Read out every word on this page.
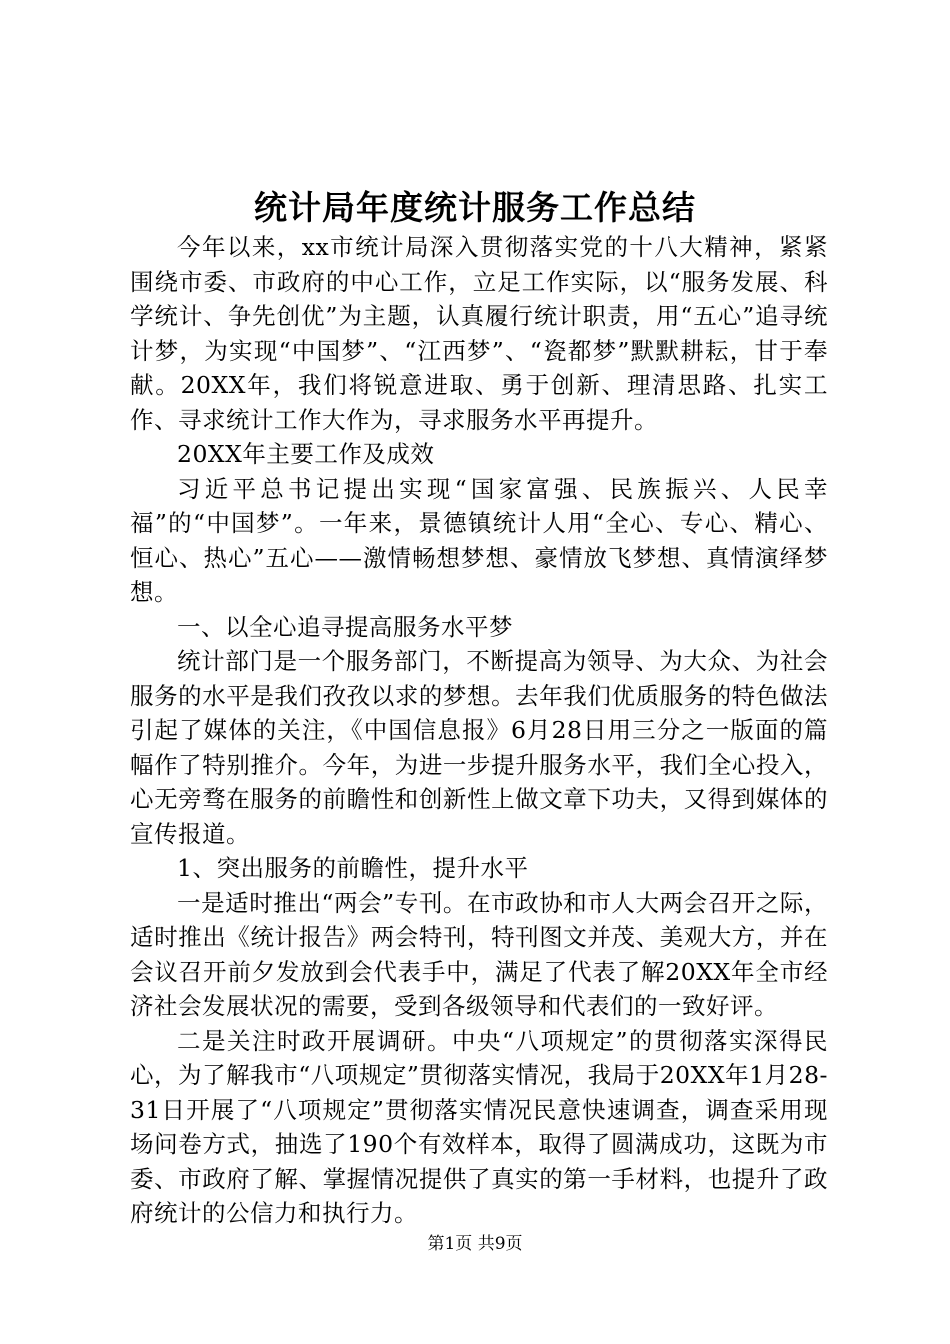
统计局年度统计服务工作总结

今年以来，xx市统计局深入贯彻落实党的十八大精神，紧紧围绕市委、市政府的中心工作，立足工作实际，以“服务发展、科学统计、争先创优”为主题，认真履行统计职责，用“五心”追寻统计梦，为实现“中国梦”、“江西梦”、“瓷都梦”默默耕耘，甘于奉献。20XX年，我们将锐意进取、勇于创新、理清思路、扎实工作、寻求统计工作大作为，寻求服务水平再提升。

20XX年主要工作及成效

习近平总书记提出实现“国家富强、民族振兴、人民幸福”的“中国梦”。一年来，景德镇统计人用“全心、专心、精心、恒心、热心”五心——激情畅想梦想、豪情放飞梦想、真情演绎梦想。

一、以全心追寻提高服务水平梦

统计部门是一个服务部门，不断提高为领导、为大众、为社会服务的水平是我们孜孜以求的梦想。去年我们优质服务的特色做法引起了媒体的关注，《中国信息报》6月28日用三分之一版面的篇幅作了特别推介。今年，为进一步提升服务水平，我们全心投入，心无旁骛在服务的前瞻性和创新性上做文章下功夫，又得到媒体的宣传报道。

1、突出服务的前瞻性，提升水平

一是适时推出“两会”专刊。在市政协和市人大两会召开之际，适时推出《统计报告》两会特刊，特刊图文并茂、美观大方，并在会议召开前夕发放到会代表手中，满足了代表了解20XX年全市经济社会发展状况的需要，受到各级领导和代表们的一致好评。

二是关注时政开展调研。中央“八项规定”的贯彻落实深得民心，为了解我市“八项规定”贯彻落实情况，我局于20XX年1月28-31日开展了“八项规定”贯彻落实情况民意快速调查，调查采用现场问卷方式，抽选了190个有效样本，取得了圆满成功，这既为市委、市政府了解、掌握情况提供了真实的第一手材料，也提升了政府统计的公信力和执行力。

第1页 共9页
